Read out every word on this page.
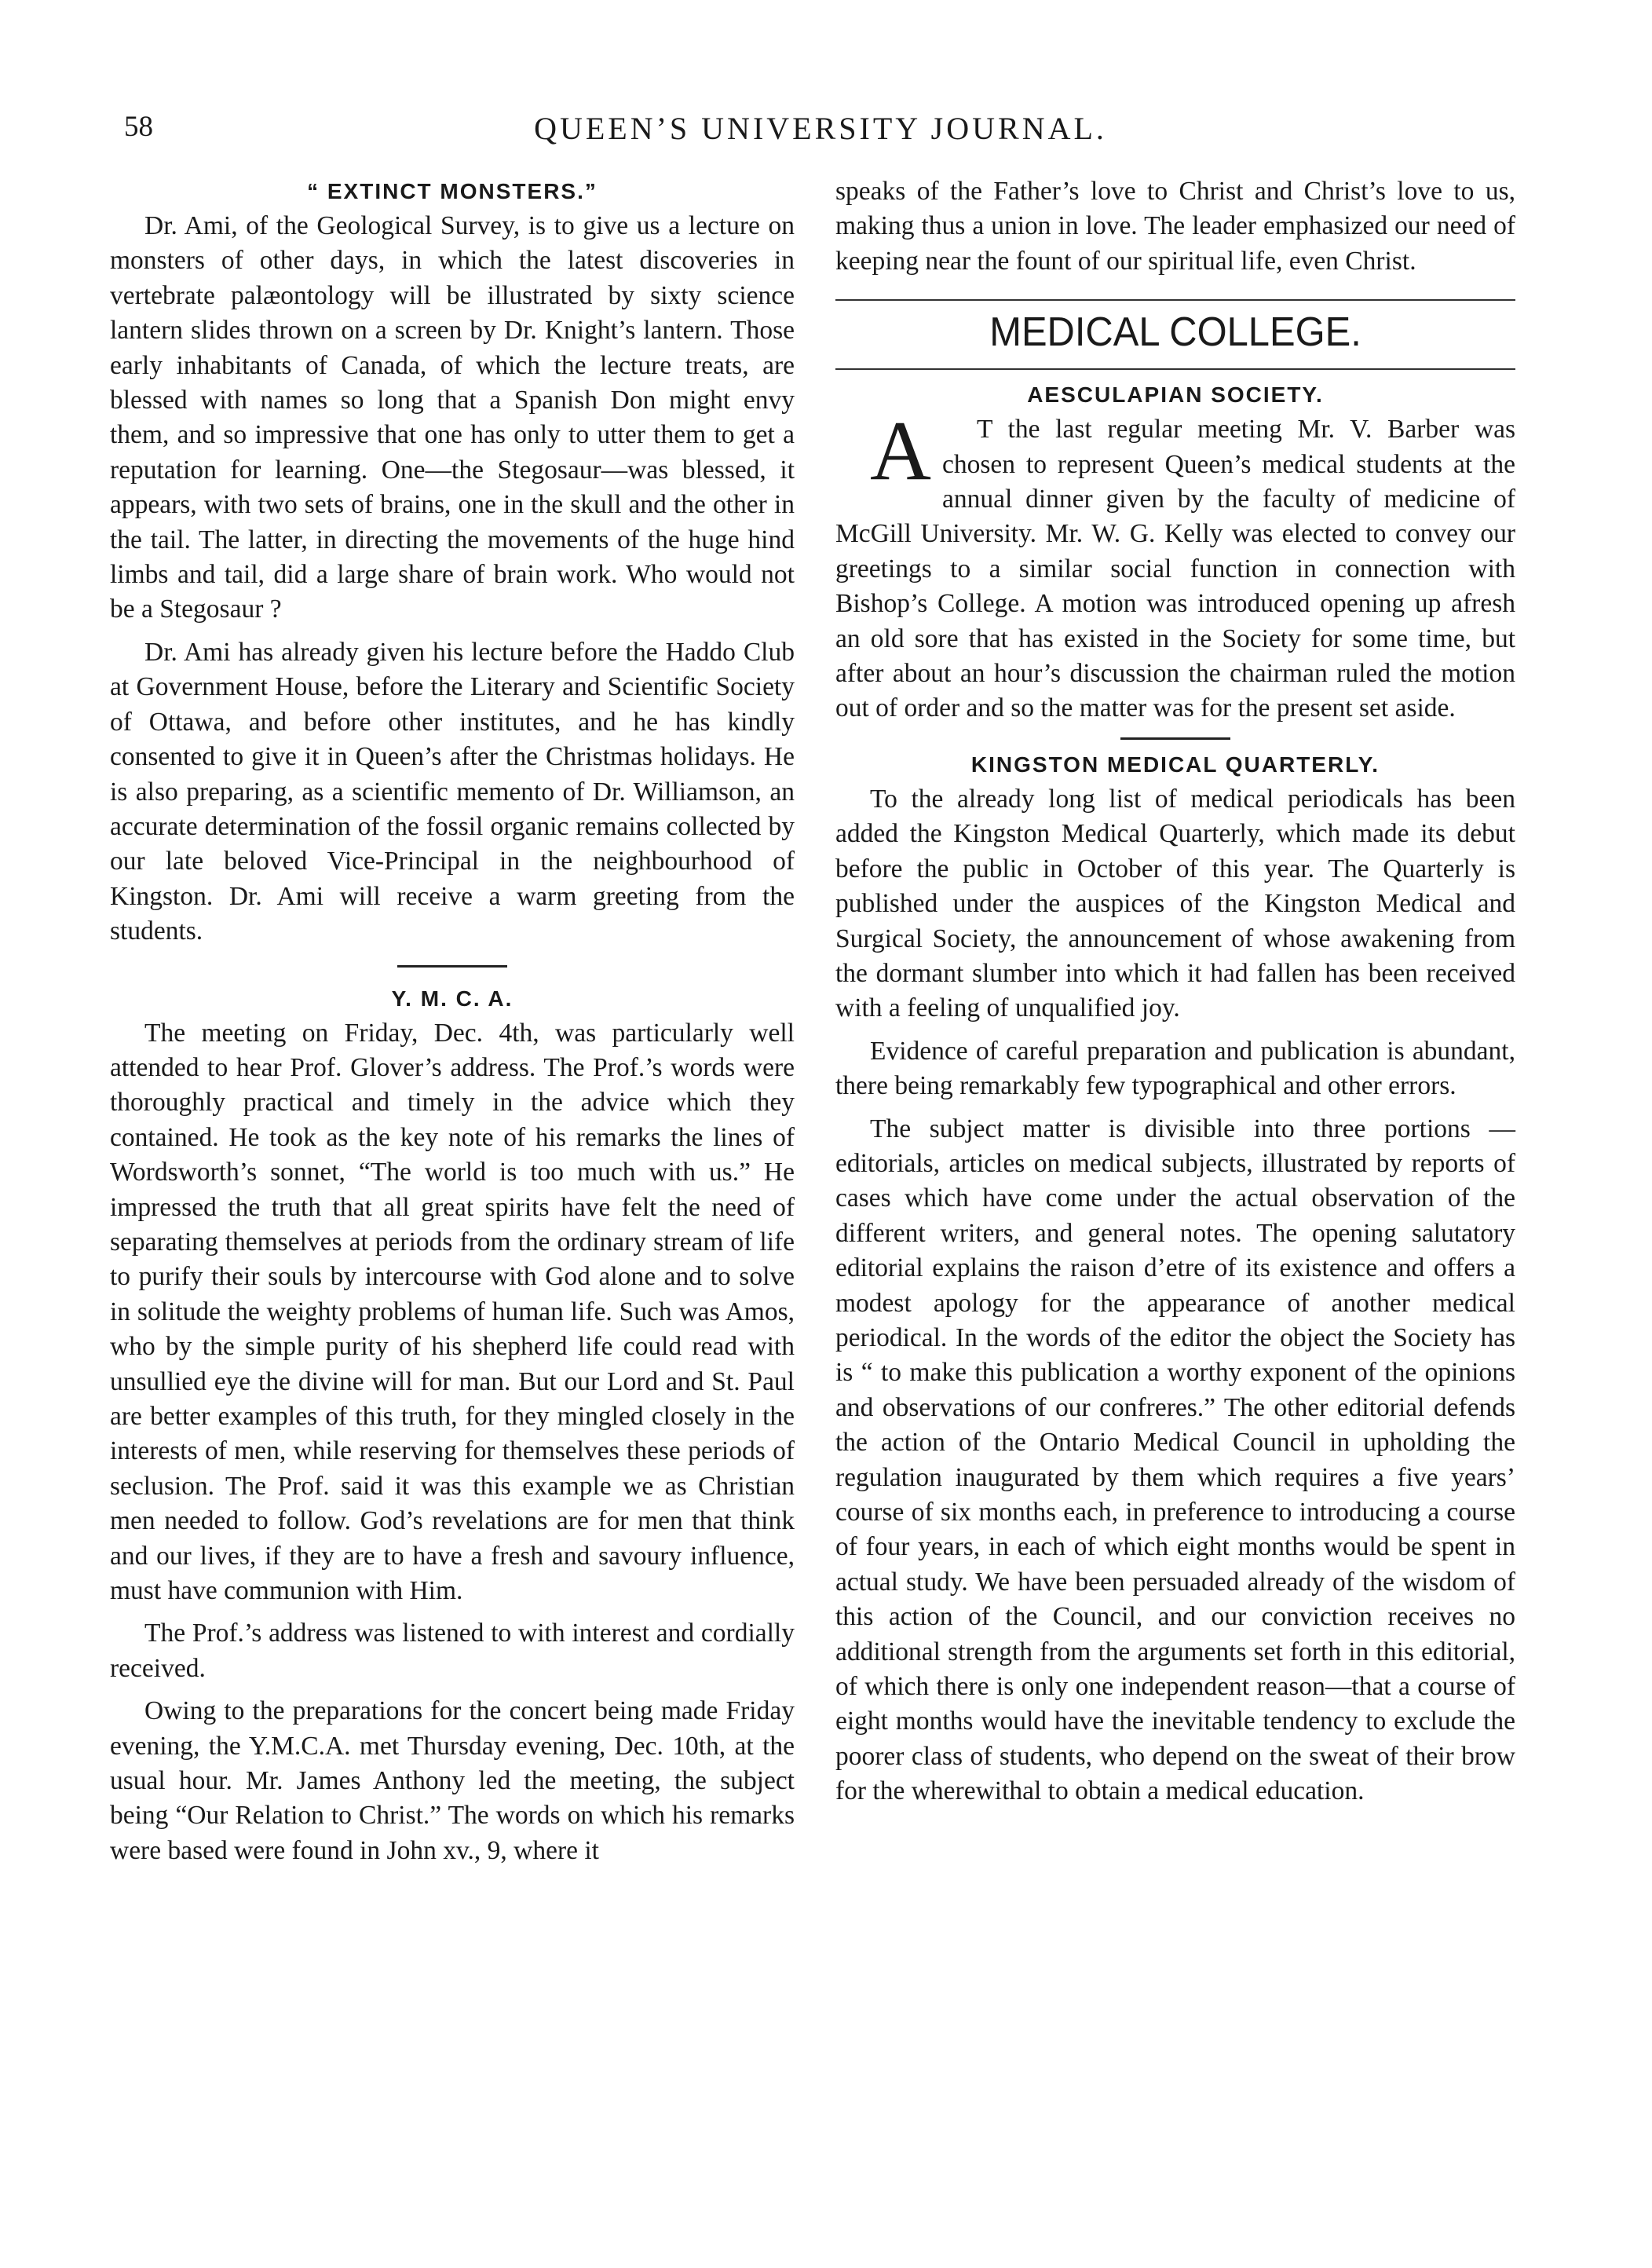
58	QUEEN’S UNIVERSITY JOURNAL.
“ EXTINCT MONSTERS.”

Dr. Ami, of the Geological Survey, is to give us a lecture on monsters of other days, in which the latest discoveries in vertebrate palæontology will be illustrated by sixty science lantern slides thrown on a screen by Dr. Knight’s lantern. Those early inhabitants of Canada, of which the lecture treats, are blessed with names so long that a Spanish Don might envy them, and so impressive that one has only to utter them to get a reputation for learning. One—the Stegosaur—was blessed, it appears, with two sets of brains, one in the skull and the other in the tail. The latter, in directing the movements of the huge hind limbs and tail, did a large share of brain work. Who would not be a Stegosaur ?

Dr. Ami has already given his lecture before the Haddo Club at Government House, before the Literary and Scientific Society of Ottawa, and before other institutes, and he has kindly consented to give it in Queen’s after the Christmas holidays. He is also preparing, as a scientific memento of Dr. Williamson, an accurate determination of the fossil organic remains collected by our late beloved Vice-Principal in the neighbourhood of Kingston. Dr. Ami will receive a warm greeting from the students.

Y. M. C. A.

The meeting on Friday, Dec. 4th, was particularly well attended to hear Prof. Glover’s address. The Prof.’s words were thoroughly practical and timely in the advice which they contained. He took as the key note of his remarks the lines of Wordsworth’s sonnet, “The world is too much with us.” He impressed the truth that all great spirits have felt the need of separating themselves at periods from the ordinary stream of life to purify their souls by intercourse with God alone and to solve in solitude the weighty problems of human life. Such was Amos, who by the simple purity of his shepherd life could read with unsullied eye the divine will for man. But our Lord and St. Paul are better examples of this truth, for they mingled closely in the interests of men, while reserving for themselves these periods of seclusion. The Prof. said it was this example we as Christian men needed to follow. God’s revelations are for men that think and our lives, if they are to have a fresh and savoury influence, must have communion with Him.

The Prof.’s address was listened to with interest and cordially received.

Owing to the preparations for the concert being made Friday evening, the Y.M.C.A. met Thursday evening, Dec. 10th, at the usual hour. Mr. James Anthony led the meeting, the subject being “Our Relation to Christ.” The words on which his remarks were based were found in John xv., 9, where it

speaks of the Father’s love to Christ and Christ’s love to us, making thus a union in love. The leader emphasized our need of keeping near the fount of our spiritual life, even Christ.

MEDICAL COLLEGE.
AESCULAPIAN SOCIETY.

A T the last regular meeting Mr. V. Barber was chosen to represent Queen’s medical students at the annual dinner given by the faculty of medicine of McGill University. Mr. W. G. Kelly was elected to convey our greetings to a similar social function in connection with Bishop’s College. A motion was introduced opening up afresh an old sore that has existed in the Society for some time, but after about an hour’s discussion the chairman ruled the motion out of order and so the matter was for the present set aside.

KINGSTON MEDICAL QUARTERLY.

To the already long list of medical periodicals has been added the Kingston Medical Quarterly, which made its debut before the public in October of this year. The Quarterly is published under the auspices of the Kingston Medical and Surgical Society, the announcement of whose awakening from the dormant slumber into which it had fallen has been received with a feeling of unqualified joy.

Evidence of careful preparation and publication is abundant, there being remarkably few typographical and other errors.

The subject matter is divisible into three portions —editorials, articles on medical subjects, illustrated by reports of cases which have come under the actual observation of the different writers, and general notes. The opening salutatory editorial explains the raison d’etre of its existence and offers a modest apology for the appearance of another medical periodical. In the words of the editor the object the Society has is “ to make this publication a worthy exponent of the opinions and observations of our confreres.” The other editorial defends the action of the Ontario Medical Council in upholding the regulation inaugurated by them which requires a five years’ course of six months each, in preference to introducing a course of four years, in each of which eight months would be spent in actual study. We have been persuaded already of the wisdom of this action of the Council, and our conviction receives no additional strength from the arguments set forth in this editorial, of which there is only one independent reason—that a course of eight months would have the inevitable tendency to exclude the poorer class of students, who depend on the sweat of their brow for the wherewithal to obtain a medical education.
